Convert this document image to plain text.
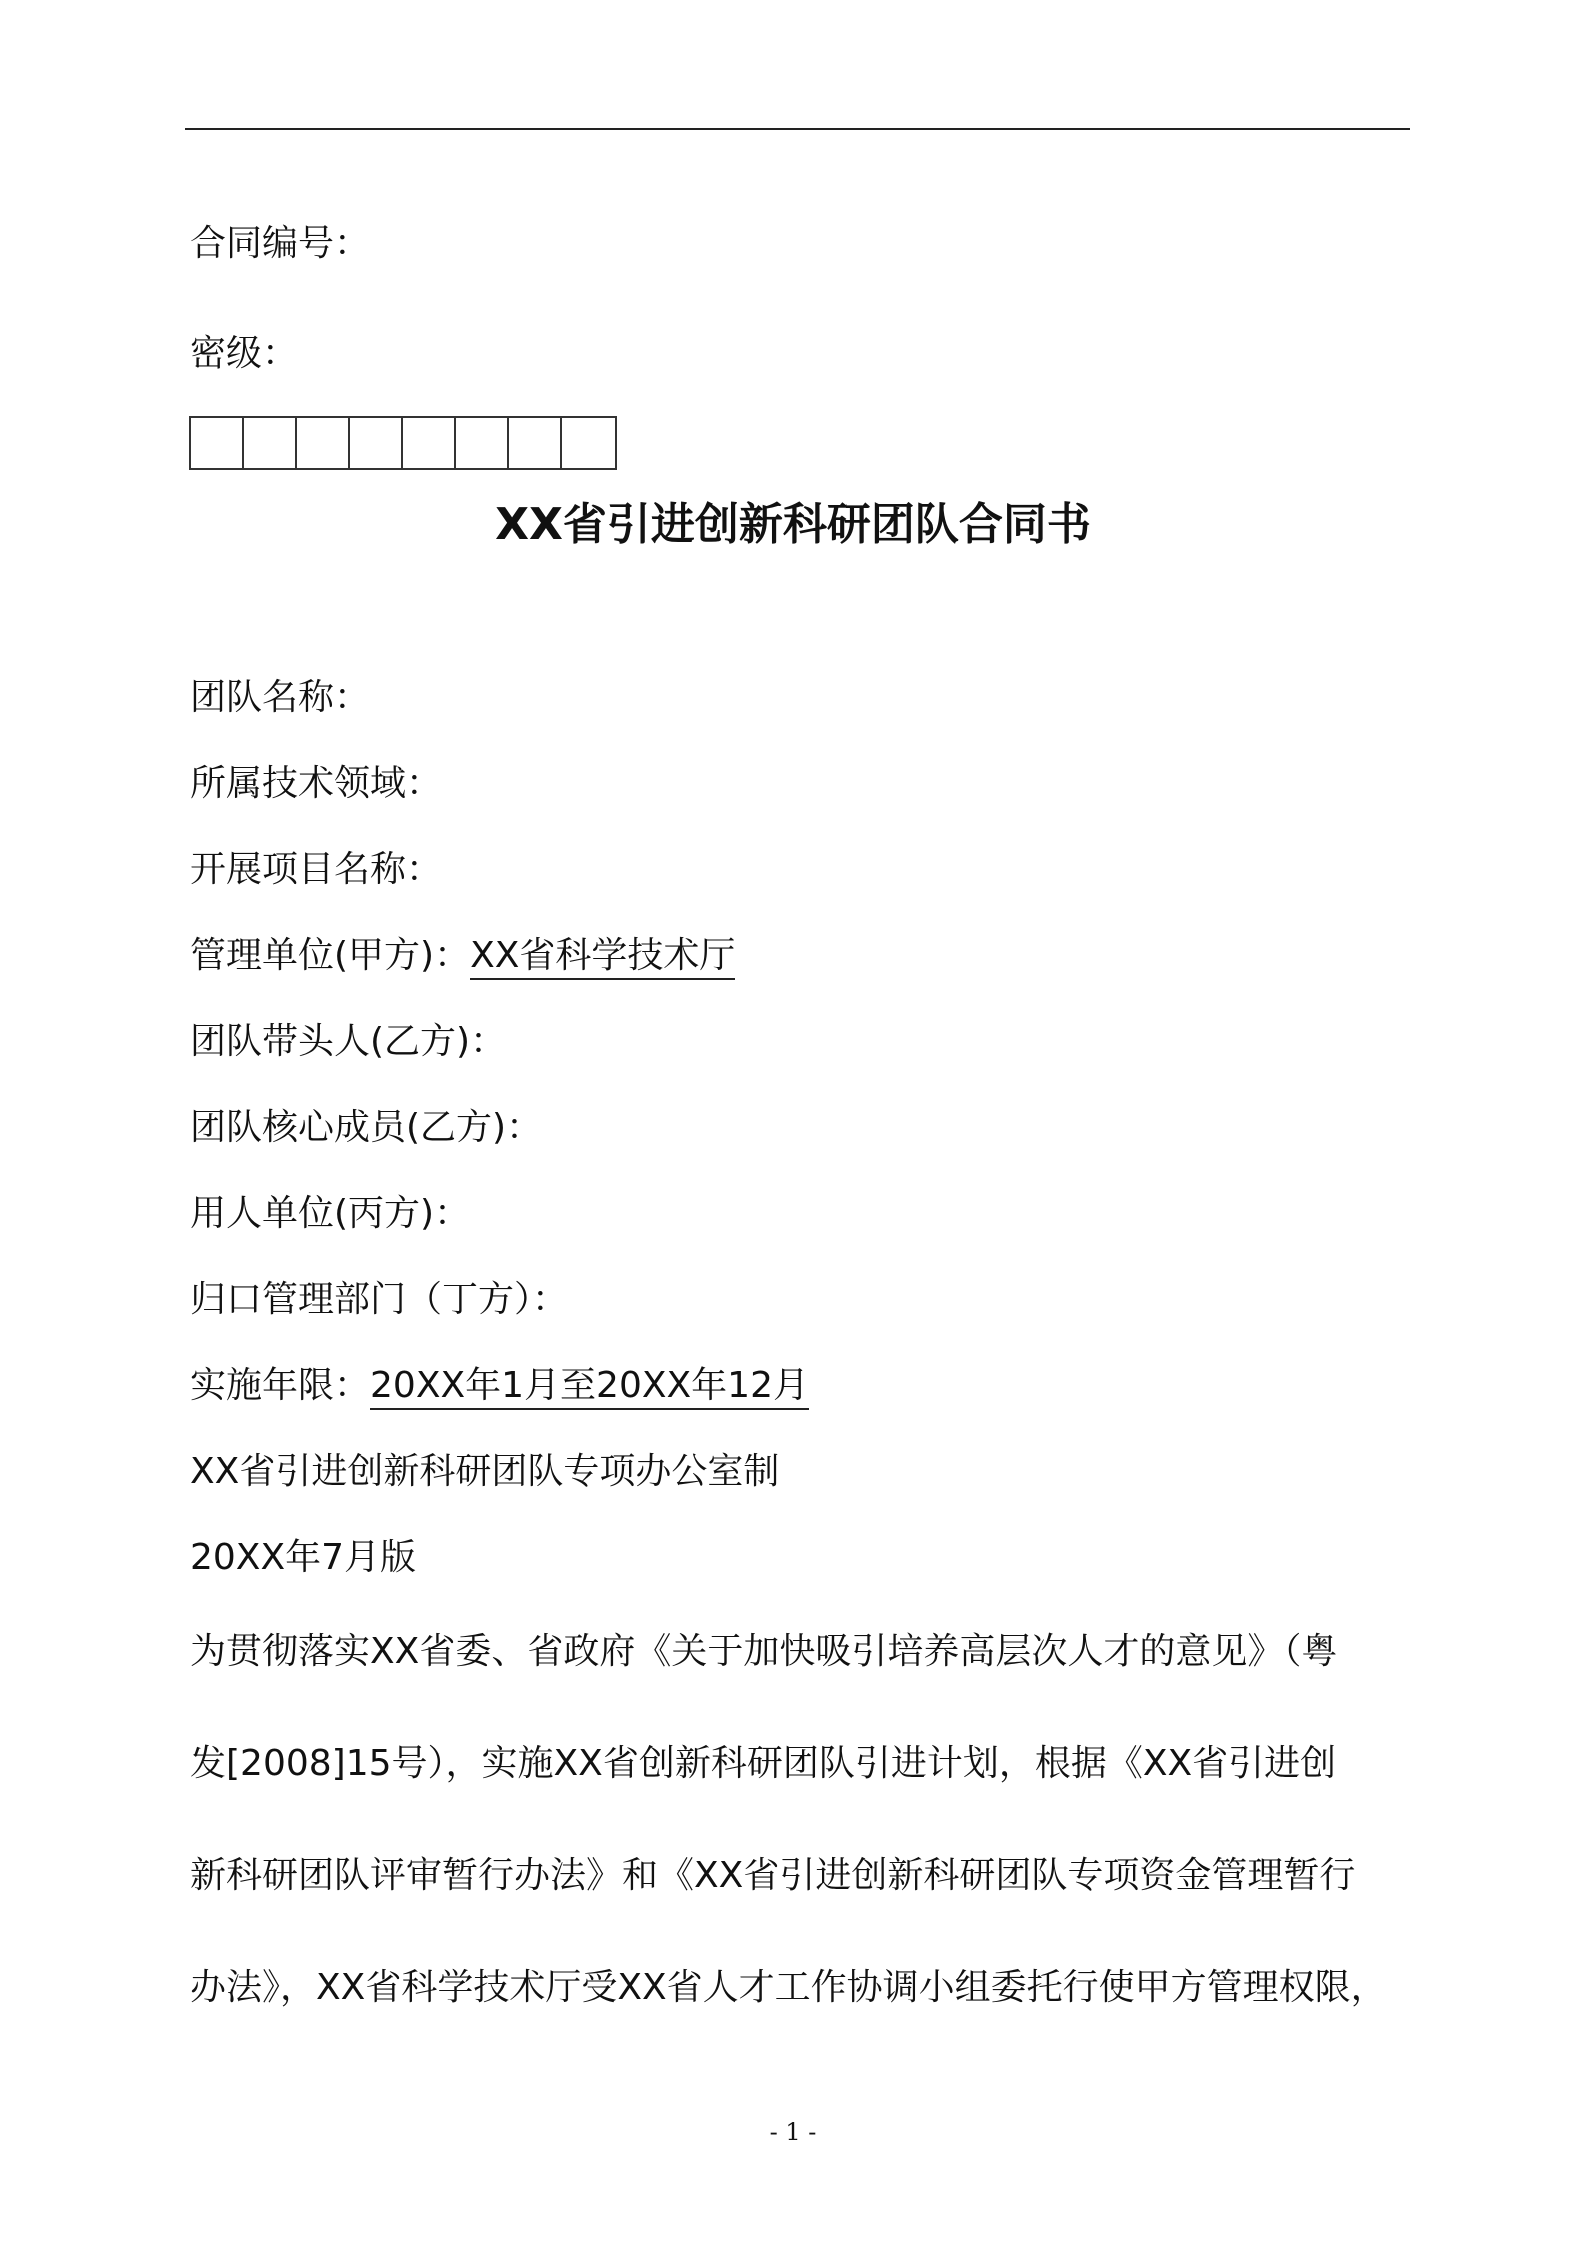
合同编号：
密级：
XX省引进创新科研团队合同书
团队名称：
所属技术领域：
开展项目名称：
管理单位(甲方)：XX省科学技术厅
团队带头人(乙方)：
团队核心成员(乙方)：
用人单位(丙方)：
归口管理部门（丁方）：
实施年限：20XX年1月至20XX年12月
XX省引进创新科研团队专项办公室制
20XX年7月版
为贯彻落实XX省委、省政府《关于加快吸引培养高层次人才的意见》（粤
发[2008]15号），实施XX省创新科研团队引进计划，根据《XX省引进创
新科研团队评审暂行办法》和《XX省引进创新科研团队专项资金管理暂行
办法》，XX省科学技术厅受XX省人才工作协调小组委托行使甲方管理权限，
- 1 -
